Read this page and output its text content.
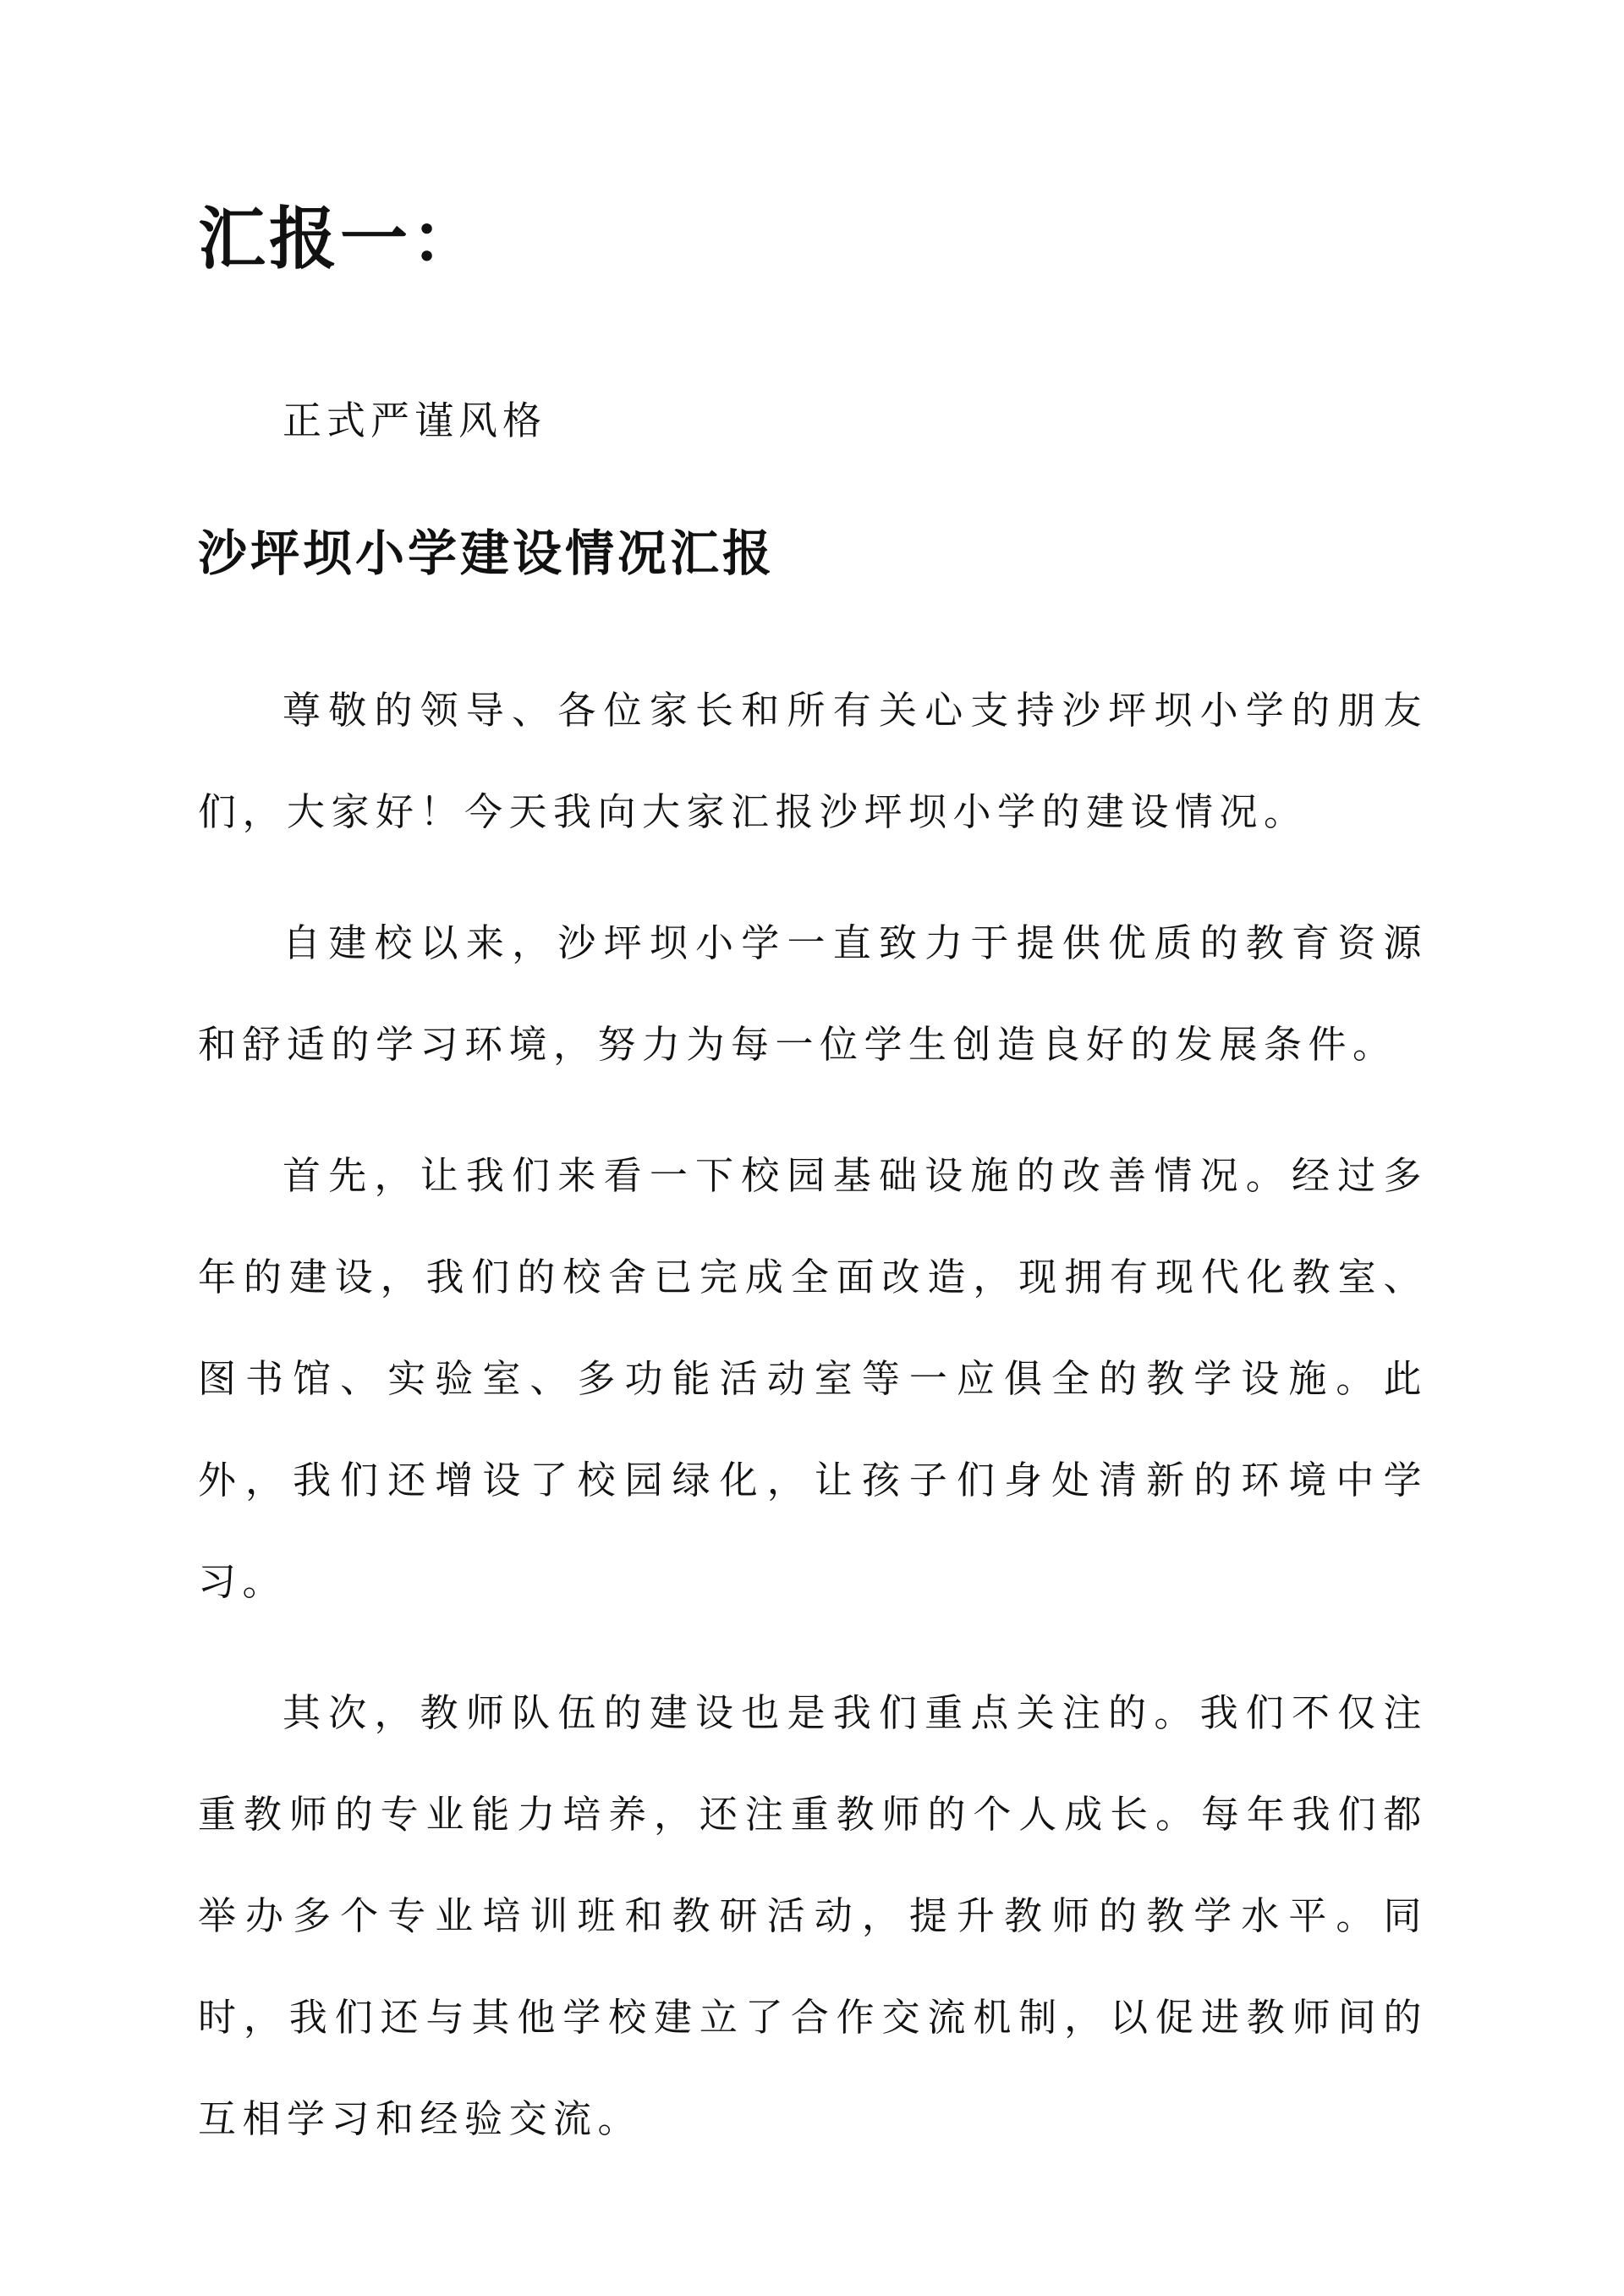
汇报一：

正式严谨风格

沙坪坝小学建设情况汇报

尊敬的领导、各位家长和所有关心支持沙坪坝小学的朋友们，大家好！今天我向大家汇报沙坪坝小学的建设情况。

自建校以来，沙坪坝小学一直致力于提供优质的教育资源和舒适的学习环境，努力为每一位学生创造良好的发展条件。

首先，让我们来看一下校园基础设施的改善情况。经过多年的建设，我们的校舍已完成全面改造，现拥有现代化教室、图书馆、实验室、多功能活动室等一应俱全的教学设施。此外，我们还增设了校园绿化，让孩子们身处清新的环境中学习。

其次，教师队伍的建设也是我们重点关注的。我们不仅注重教师的专业能力培养，还注重教师的个人成长。每年我们都举办多个专业培训班和教研活动，提升教师的教学水平。同时，我们还与其他学校建立了合作交流机制，以促进教师间的互相学习和经验交流。
